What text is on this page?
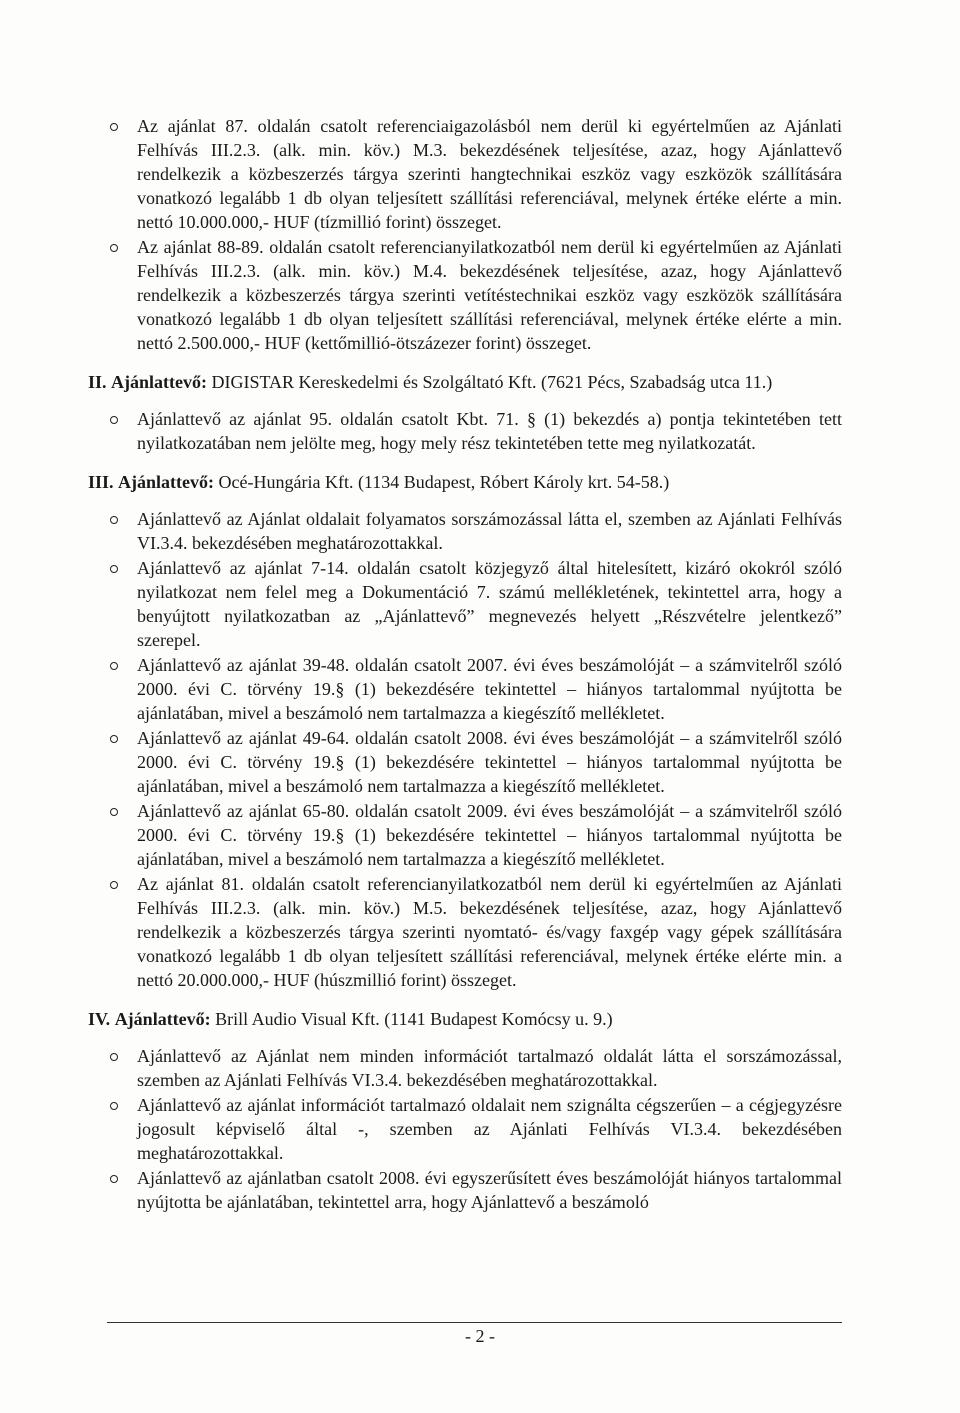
Az ajánlat 87. oldalán csatolt referenciaigazolásból nem derül ki egyértelműen az Ajánlati Felhívás III.2.3. (alk. min. köv.) M.3. bekezdésének teljesítése, azaz, hogy Ajánlattevő rendelkezik a közbeszerzés tárgya szerinti hangtechnikai eszköz vagy eszközök szállítására vonatkozó legalább 1 db olyan teljesített szállítási referenciával, melynek értéke elérte a min. nettó 10.000.000,- HUF (tízmillió forint) összeget.
Az ajánlat 88-89. oldalán csatolt referencianyilatkozatból nem derül ki egyértelműen az Ajánlati Felhívás III.2.3. (alk. min. köv.) M.4. bekezdésének teljesítése, azaz, hogy Ajánlattevő rendelkezik a közbeszerzés tárgya szerinti vetítéstechnikai eszköz vagy eszközök szállítására vonatkozó legalább 1 db olyan teljesített szállítási referenciával, melynek értéke elérte a min. nettó 2.500.000,- HUF (kettőmillió-ötszázezer forint) összeget.

II. Ajánlattevő: DIGISTAR Kereskedelmi és Szolgáltató Kft. (7621 Pécs, Szabadság utca 11.)

Ajánlattevő az ajánlat 95. oldalán csatolt Kbt. 71. § (1) bekezdés a) pontja tekintetében tett nyilatkozatában nem jelölte meg, hogy mely rész tekintetében tette meg nyilatkozatát.

III. Ajánlattevő: Océ-Hungária Kft. (1134 Budapest, Róbert Károly krt. 54-58.)

Ajánlattevő az Ajánlat oldalait folyamatos sorszámozással látta el, szemben az Ajánlati Felhívás VI.3.4. bekezdésében meghatározottakkal.
Ajánlattevő az ajánlat 7-14. oldalán csatolt közjegyző által hitelesített, kizáró okokról szóló nyilatkozat nem felel meg a Dokumentáció 7. számú mellékletének, tekintettel arra, hogy a benyújtott nyilatkozatban az „Ajánlattevő” megnevezés helyett „Részvételre jelentkező” szerepel.
Ajánlattevő az ajánlat 39-48. oldalán csatolt 2007. évi éves beszámolóját – a számvitelről szóló 2000. évi C. törvény 19.§ (1) bekezdésére tekintettel – hiányos tartalommal nyújtotta be ajánlatában, mivel a beszámoló nem tartalmazza a kiegészítő mellékletet.
Ajánlattevő az ajánlat 49-64. oldalán csatolt 2008. évi éves beszámolóját – a számvitelről szóló 2000. évi C. törvény 19.§ (1) bekezdésére tekintettel – hiányos tartalommal nyújtotta be ajánlatában, mivel a beszámoló nem tartalmazza a kiegészítő mellékletet.
Ajánlattevő az ajánlat 65-80. oldalán csatolt 2009. évi éves beszámolóját – a számvitelről szóló 2000. évi C. törvény 19.§ (1) bekezdésére tekintettel – hiányos tartalommal nyújtotta be ajánlatában, mivel a beszámoló nem tartalmazza a kiegészítő mellékletet.
Az ajánlat 81. oldalán csatolt referencianyilatkozatból nem derül ki egyértelműen az Ajánlati Felhívás III.2.3. (alk. min. köv.) M.5. bekezdésének teljesítése, azaz, hogy Ajánlattevő rendelkezik a közbeszerzés tárgya szerinti nyomtató- és/vagy faxgép vagy gépek szállítására vonatkozó legalább 1 db olyan teljesített szállítási referenciával, melynek értéke elérte min. a nettó 20.000.000,- HUF (húszmillió forint) összeget.

IV. Ajánlattevő: Brill Audio Visual Kft. (1141 Budapest Komócsy u. 9.)

Ajánlattevő az Ajánlat nem minden információt tartalmazó oldalát látta el sorszámozással, szemben az Ajánlati Felhívás VI.3.4. bekezdésében meghatározottakkal.
Ajánlattevő az ajánlat információt tartalmazó oldalait nem szignálta cégszerűen – a cégjegyzésre jogosult képviselő által -, szemben az Ajánlati Felhívás VI.3.4. bekezdésében meghatározottakkal.
Ajánlattevő az ajánlatban csatolt 2008. évi egyszerűsített éves beszámolóját hiányos tartalommal nyújtotta be ajánlatában, tekintettel arra, hogy Ajánlattevő a beszámoló
- 2 -
